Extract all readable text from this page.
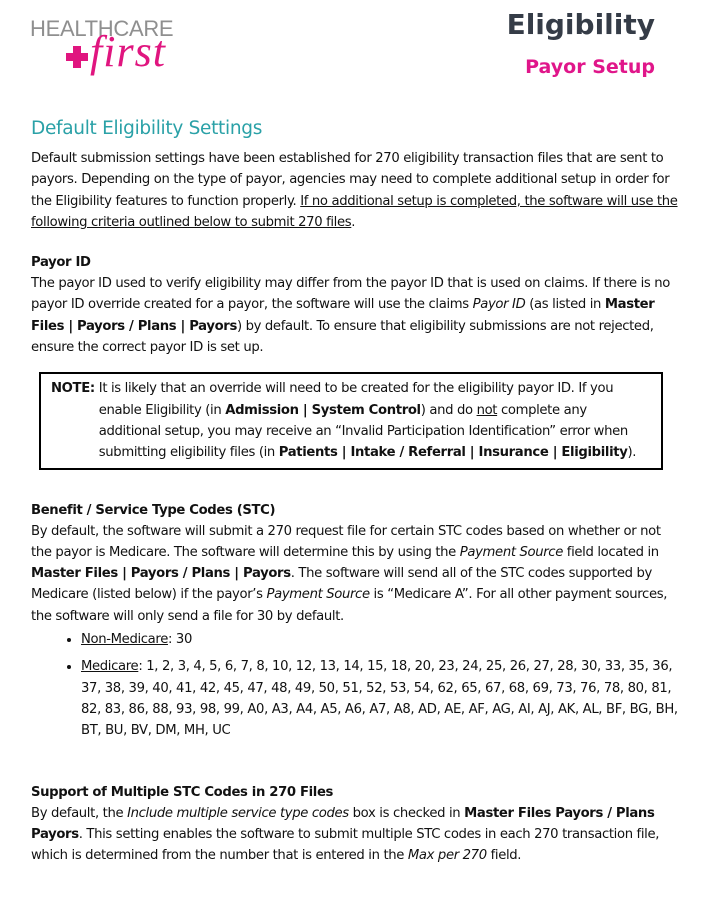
HEALTHCARE
first
Eligibility
Payor Setup
Default Eligibility Settings

Default submission settings have been established for 270 eligibility transaction files that are sent to payors. Depending on the type of payor, agencies may need to complete additional setup in order for the Eligibility features to function properly. If no additional setup is completed, the software will use the following criteria outlined below to submit 270 files.

Payor ID

The payor ID used to verify eligibility may differ from the payor ID that is used on claims. If there is no payor ID override created for a payor, the software will use the claims Payor ID (as listed in Master Files | Payors / Plans | Payors) by default. To ensure that eligibility submissions are not rejected, ensure the correct payor ID is set up.

NOTE: It is likely that an override will need to be created for the eligibility payor ID. If you enable Eligibility (in Admission | System Control) and do not complete any additional setup, you may receive an “Invalid Participation Identification” error when submitting eligibility files (in Patients | Intake / Referral | Insurance | Eligibility).
Benefit / Service Type Codes (STC)

By default, the software will submit a 270 request file for certain STC codes based on whether or not the payor is Medicare. The software will determine this by using the Payment Source field located in Master Files | Payors / Plans | Payors. The software will send all of the STC codes supported by Medicare (listed below) if the payor’s Payment Source is “Medicare A”. For all other payment sources, the software will only send a file for 30 by default.

• Non-Medicare: 30
• Medicare: 1, 2, 3, 4, 5, 6, 7, 8, 10, 12, 13, 14, 15, 18, 20, 23, 24, 25, 26, 27, 28, 30, 33, 35, 36, 37, 38, 39, 40, 41, 42, 45, 47, 48, 49, 50, 51, 52, 53, 54, 62, 65, 67, 68, 69, 73, 76, 78, 80, 81, 82, 83, 86, 88, 93, 98, 99, A0, A3, A4, A5, A6, A7, A8, AD, AE, AF, AG, AI, AJ, AK, AL, BF, BG, BH, BT, BU, BV, DM, MH, UC
Support of Multiple STC Codes in 270 Files

By default, the Include multiple service type codes box is checked in Master Files Payors / Plans Payors. This setting enables the software to submit multiple STC codes in each 270 transaction file, which is determined from the number that is entered in the Max per 270 field.
